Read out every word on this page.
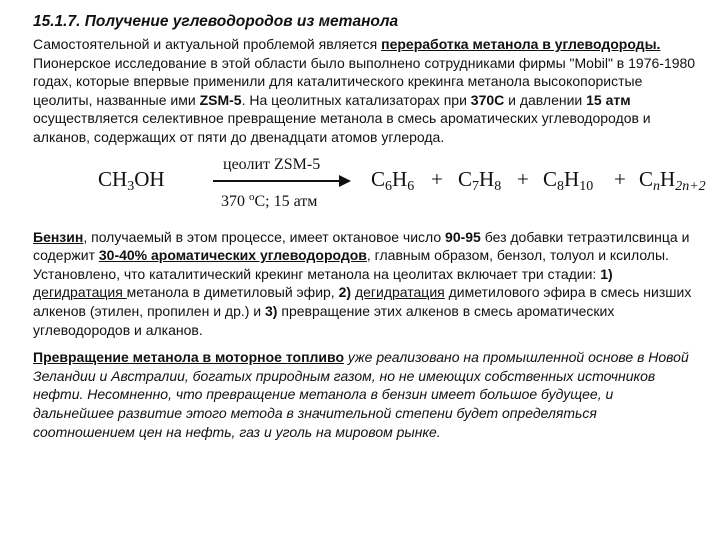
15.1.7. Получение углеводородов из метанола

Самостоятельной и актуальной проблемой является переработка метанола в углеводороды. Пионерское исследование в этой области было выполнено сотрудниками фирмы "Mobil" в 1976-1980 годах, которые впервые применили для каталитического крекинга метанола высокопористые цеолиты, названные ими ZSM-5. На цеолитных катализаторах при 370C и давлении 15 атм осуществляется селективное превращение метанола в смесь ароматических углеводородов и алканов, содержащих от пяти до двенадцати атомов углерода.

$CH_3OH$
цеолит ZSM-5
370 $^o$C; 15 атм
$C_6H_6 + C_7H_8 + C_8H_{10} + C_nH_{2n+2}$

Бензин, получаемый в этом процессе, имеет октановое число 90-95 без добавки тетраэтилсвинца и содержит 30-40% ароматических углеводородов, главным образом, бензол, толуол и ксилолы. Установлено, что каталитический крекинг метанола на цеолитах включает три стадии: 1) дегидратация метанола в диметиловый эфир, 2) дегидратация диметилового эфира в смесь низших алкенов (этилен, пропилен и др.) и 3) превращение этих алкенов в смесь ароматических углеводородов и алканов.

Превращение метанола в моторное топливо уже реализовано на промышленной основе в Новой Зеландии и Австралии, богатых природным газом, но не имеющих собственных источников нефти. Несомненно, что превращение метанола в бензин имеет большое будущее, и дальнейшее развитие этого метода в значительной степени будет определяться соотношением цен на нефть, газ и уголь на мировом рынке.
